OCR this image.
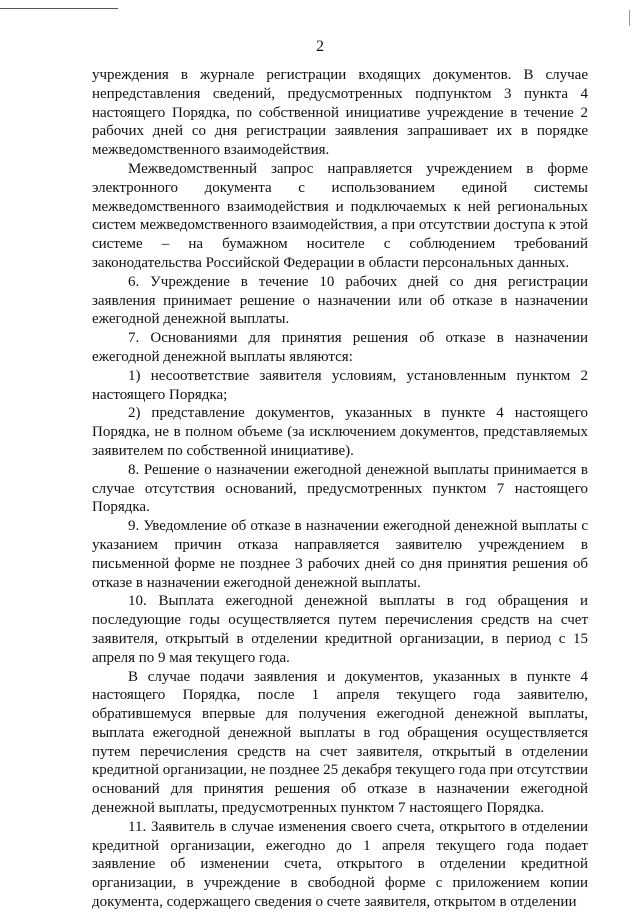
2

учреждения в журнале регистрации входящих документов. В случае непредставления сведений, предусмотренных подпунктом 3 пункта 4 настоящего Порядка, по собственной инициативе учреждение в течение 2 рабочих дней со дня регистрации заявления запрашивает их в порядке межведомственного взаимодействия.

Межведомственный запрос направляется учреждением в форме электронного документа с использованием единой системы межведомственного взаимодействия и подключаемых к ней региональных систем межведомственного взаимодействия, а при отсутствии доступа к этой системе – на бумажном носителе с соблюдением требований законодательства Российской Федерации в области персональных данных.

6. Учреждение в течение 10 рабочих дней со дня регистрации заявления принимает решение о назначении или об отказе в назначении ежегодной денежной выплаты.

7. Основаниями для принятия решения об отказе в назначении ежегодной денежной выплаты являются:

1) несоответствие заявителя условиям, установленным пунктом 2 настоящего Порядка;

2) представление документов, указанных в пункте 4 настоящего Порядка, не в полном объеме (за исключением документов, представляемых заявителем по собственной инициативе).

8. Решение о назначении ежегодной денежной выплаты принимается в случае отсутствия оснований, предусмотренных пунктом 7 настоящего Порядка.

9. Уведомление об отказе в назначении ежегодной денежной выплаты с указанием причин отказа направляется заявителю учреждением в письменной форме не позднее 3 рабочих дней со дня принятия решения об отказе в назначении ежегодной денежной выплаты.

10. Выплата ежегодной денежной выплаты в год обращения и последующие годы осуществляется путем перечисления средств на счет заявителя, открытый в отделении кредитной организации, в период с 15 апреля по 9 мая текущего года.

В случае подачи заявления и документов, указанных в пункте 4 настоящего Порядка, после 1 апреля текущего года заявителю, обратившемуся впервые для получения ежегодной денежной выплаты, выплата ежегодной денежной выплаты в год обращения осуществляется путем перечисления средств на счет заявителя, открытый в отделении кредитной организации, не позднее 25 декабря текущего года при отсутствии оснований для принятия решения об отказе в назначении ежегодной денежной выплаты, предусмотренных пунктом 7 настоящего Порядка.

11. Заявитель в случае изменения своего счета, открытого в отделении кредитной организации, ежегодно до 1 апреля текущего года подает заявление об изменении счета, открытого в отделении кредитной организации, в учреждение в свободной форме с приложением копии документа, содержащего сведения о счете заявителя, открытом в отделении
